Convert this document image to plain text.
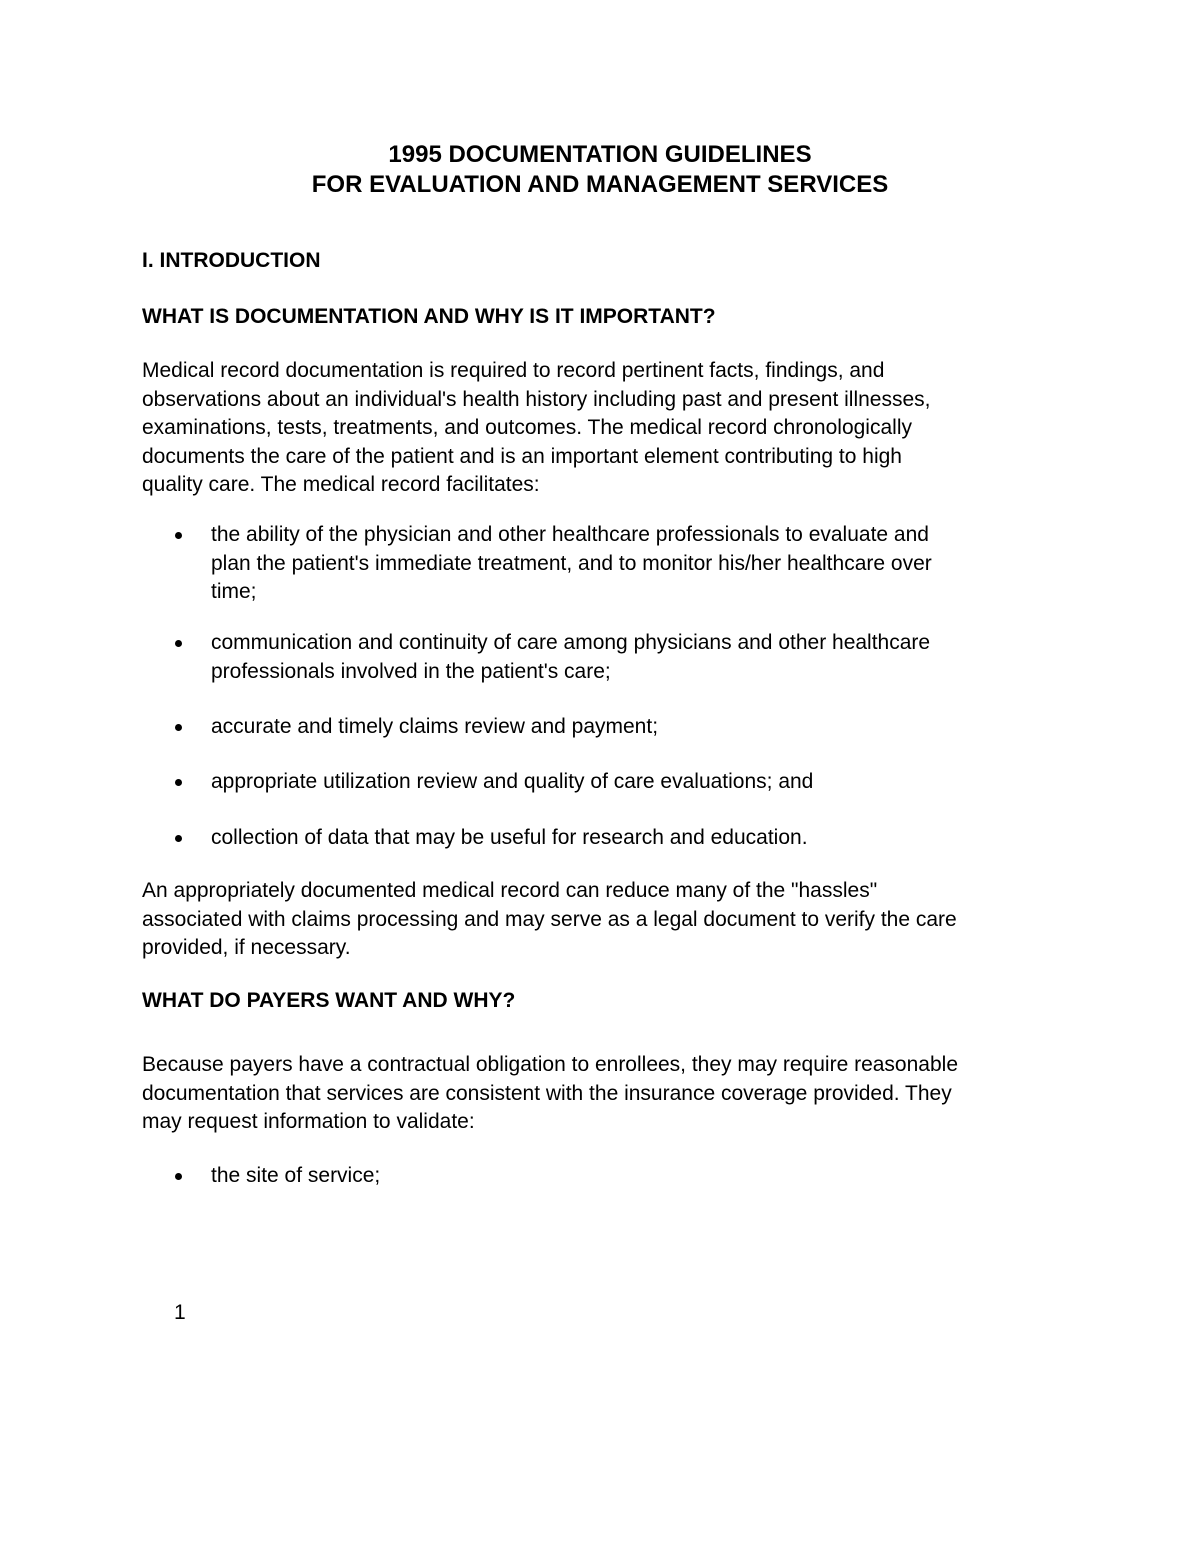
1995 DOCUMENTATION GUIDELINES
FOR EVALUATION AND MANAGEMENT SERVICES
I. INTRODUCTION
WHAT IS DOCUMENTATION AND WHY IS IT IMPORTANT?
Medical record documentation is required to record pertinent facts, findings, and
observations about an individual's health history including past and present illnesses,
examinations, tests, treatments, and outcomes. The medical record chronologically
documents the care of the patient and is an important element contributing to high
quality care. The medical record facilitates:
the ability of the physician and other healthcare professionals to evaluate and
plan the patient's immediate treatment, and to monitor his/her healthcare over
time;
communication and continuity of care among physicians and other healthcare
professionals involved in the patient's care;
accurate and timely claims review and payment;
appropriate utilization review and quality of care evaluations; and
collection of data that may be useful for research and education.
An appropriately documented medical record can reduce many of the "hassles"
associated with claims processing and may serve as a legal document to verify the care
provided, if necessary.
WHAT DO PAYERS WANT AND WHY?
Because payers have a contractual obligation to enrollees, they may require reasonable
documentation that services are consistent with the insurance coverage provided. They
may request information to validate:
the site of service;
1
